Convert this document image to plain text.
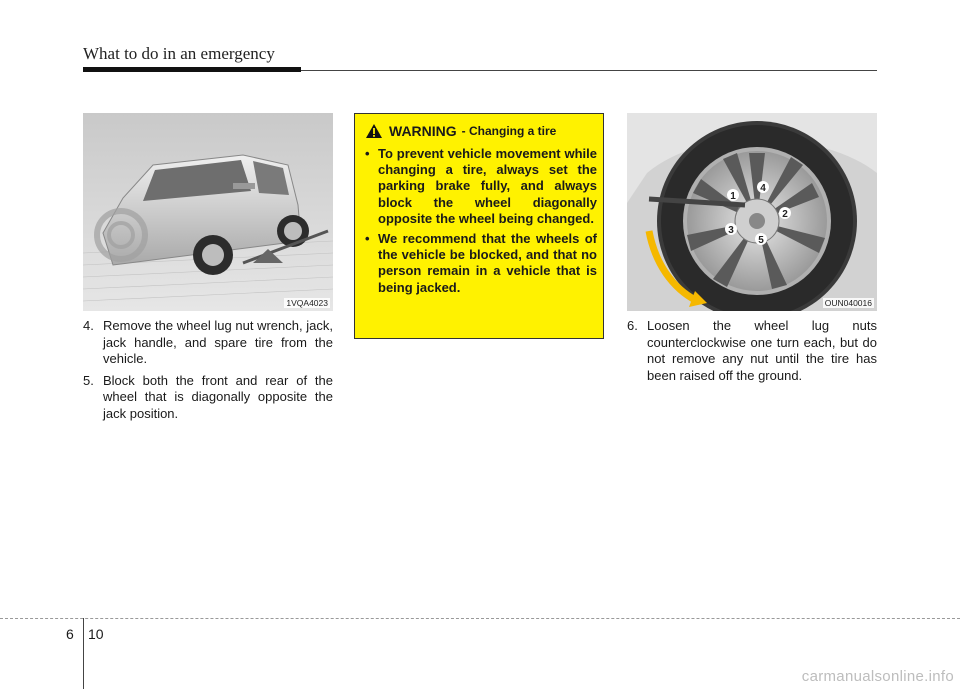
What to do in an emergency
1VQA4023
4. Remove the wheel lug nut wrench, jack, jack handle, and spare tire from the vehicle.
5. Block both the front and rear of the wheel that is diagonally opposite the jack position.
WARNING - Changing a tire
• To prevent vehicle movement while changing a tire, always set the parking brake fully, and always block the wheel diagonally opposite the wheel being changed.
• We recommend that the wheels of the vehicle be blocked, and that no person remain in a vehicle that is being jacked.
1
4
2
3
5
OUN040016
6. Loosen the wheel lug nuts counterclockwise one turn each, but do not remove any nut until the tire has been raised off the ground.
6 10
carmanualsonline.info
